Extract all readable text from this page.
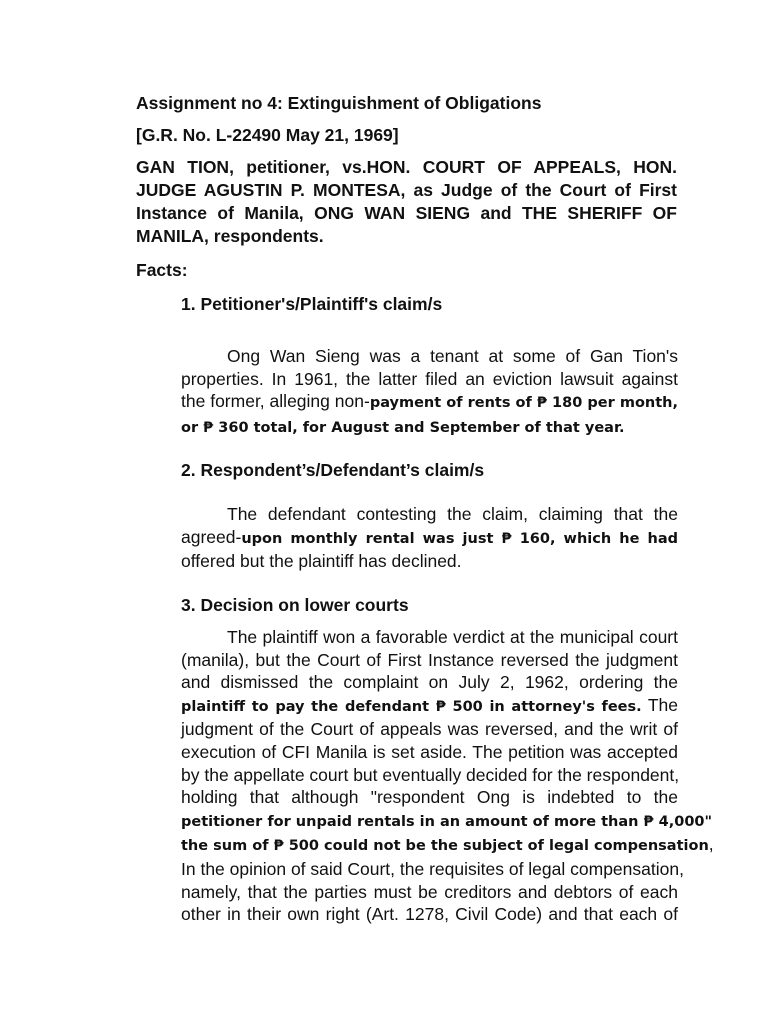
Assignment no 4: Extinguishment of Obligations
[G.R. No. L-22490 May 21, 1969]
GAN TION, petitioner, vs.HON. COURT OF APPEALS, HON.
JUDGE AGUSTIN P. MONTESA, as Judge of the Court of First
Instance of Manila, ONG WAN SIENG and THE SHERIFF OF
MANILA, respondents.
Facts:
1. Petitioner's/Plaintiff's claim/s
Ong Wan Sieng was a tenant at some of Gan Tion's
properties. In 1961, the latter filed an eviction lawsuit against
the former, alleging non-payment of rents of ₱ 180 per month,
or ₱ 360 total, for August and September of that year.
2. Respondent’s/Defendant’s claim/s
The defendant contesting the claim, claiming that the
agreed-upon monthly rental was just ₱ 160, which he had
offered but the plaintiff has declined.
3. Decision on lower courts
The plaintiff won a favorable verdict at the municipal court
(manila), but the Court of First Instance reversed the judgment
and dismissed the complaint on July 2, 1962, ordering the
plaintiff to pay the defendant ₱ 500 in attorney's fees. The
judgment of the Court of appeals was reversed, and the writ of
execution of CFI Manila is set aside. The petition was accepted
by the appellate court but eventually decided for the respondent,
holding that although "respondent Ong is indebted to the
petitioner for unpaid rentals in an amount of more than ₱ 4,000"
the sum of ₱ 500 could not be the subject of legal compensation,
In the opinion of said Court, the requisites of legal compensation,
namely, that the parties must be creditors and debtors of each
other in their own right (Art. 1278, Civil Code) and that each of
